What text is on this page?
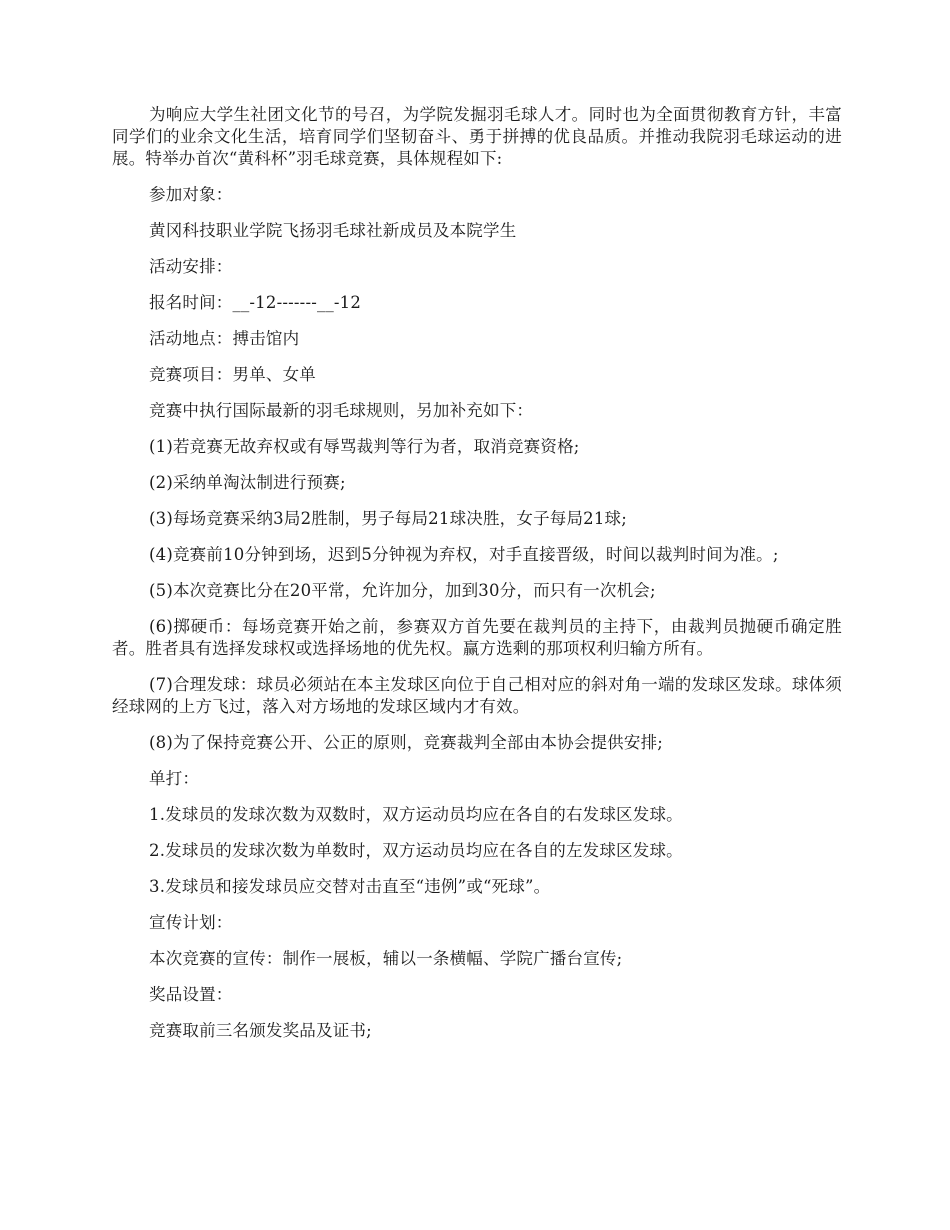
为响应大学生社团文化节的号召，为学院发掘羽毛球人才。同时也为全面贯彻教育方针，丰富同学们的业余文化生活，培育同学们坚韧奋斗、勇于拼搏的优良品质。并推动我院羽毛球运动的进展。特举办首次“黄科杯”羽毛球竞赛，具体规程如下:

参加对象：

黄冈科技职业学院飞扬羽毛球社新成员及本院学生

活动安排：

报名时间：__-12-------__-12

活动地点：搏击馆内

竞赛项目：男单、女单

竞赛中执行国际最新的羽毛球规则，另加补充如下：

(1)若竞赛无故弃权或有辱骂裁判等行为者，取消竞赛资格;

(2)采纳单淘汰制进行预赛;

(3)每场竞赛采纳3局2胜制，男子每局21球决胜，女子每局21球;

(4)竞赛前10分钟到场，迟到5分钟视为弃权，对手直接晋级，时间以裁判时间为准。;

(5)本次竞赛比分在20平常，允许加分，加到30分，而只有一次机会;

(6)掷硬币：每场竞赛开始之前，参赛双方首先要在裁判员的主持下，由裁判员抛硬币确定胜者。胜者具有选择发球权或选择场地的优先权。赢方选剩的那项权利归输方所有。

(7)合理发球：球员必须站在本主发球区向位于自己相对应的斜对角一端的发球区发球。球体须经球网的上方飞过，落入对方场地的发球区域内才有效。

(8)为了保持竞赛公开、公正的原则，竞赛裁判全部由本协会提供安排;

单打：

1.发球员的发球次数为双数时，双方运动员均应在各自的右发球区发球。

2.发球员的发球次数为单数时，双方运动员均应在各自的左发球区发球。

3.发球员和接发球员应交替对击直至“违例”或“死球”。

宣传计划：

本次竞赛的宣传：制作一展板，辅以一条横幅、学院广播台宣传;

奖品设置：

竞赛取前三名颁发奖品及证书;
